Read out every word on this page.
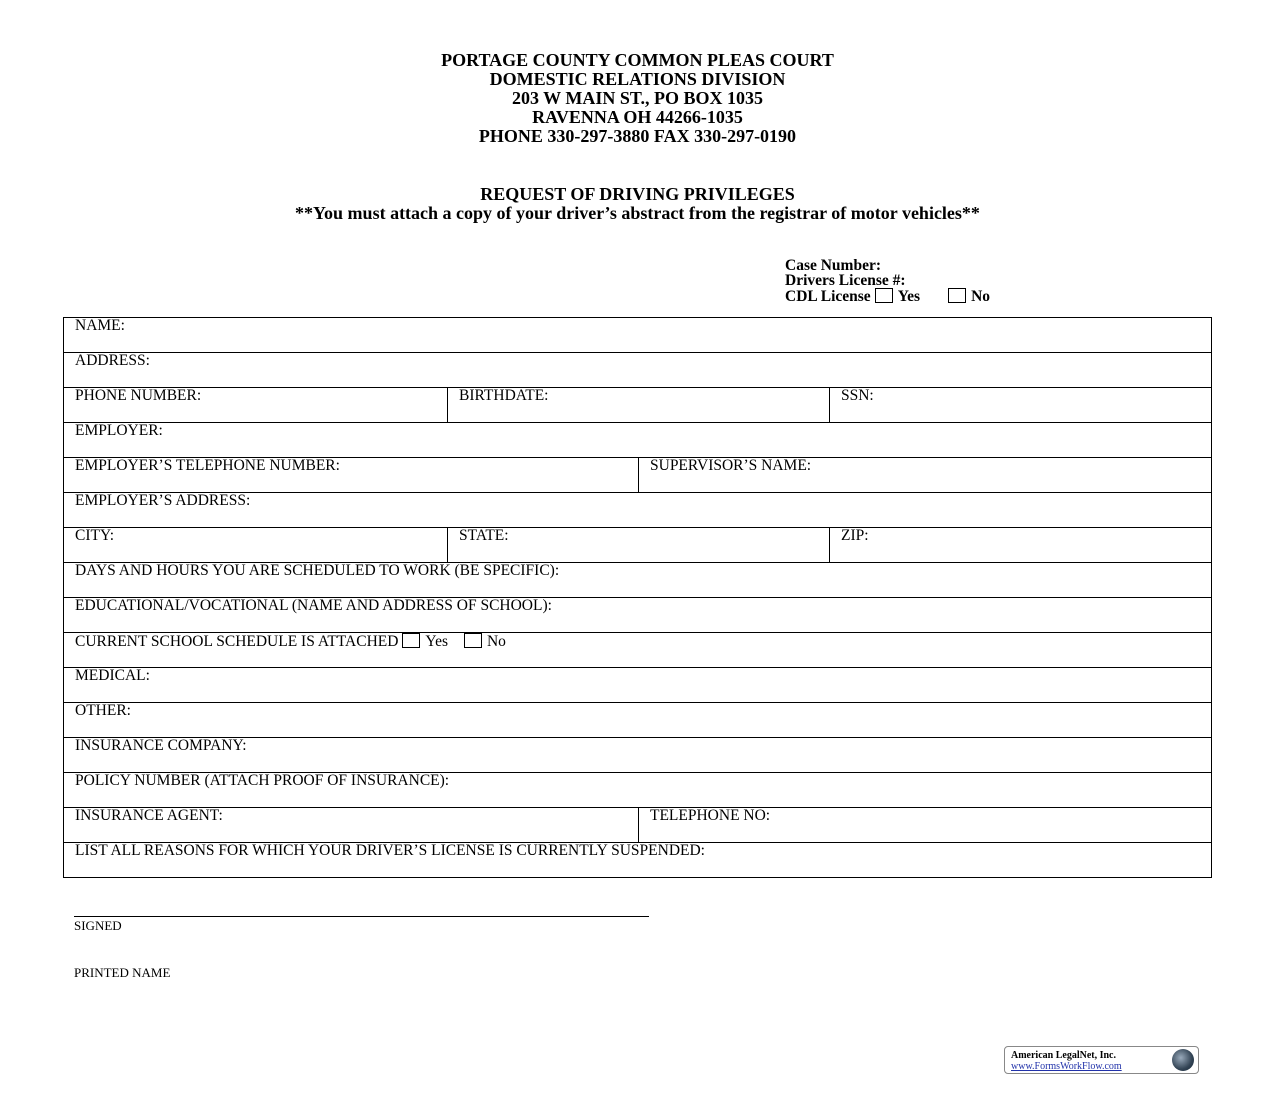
PORTAGE COUNTY COMMON PLEAS COURT
DOMESTIC RELATIONS DIVISION
203 W MAIN ST., PO BOX 1035
RAVENNA OH 44266-1035
PHONE 330-297-3880 FAX 330-297-0190
REQUEST OF DRIVING PRIVILEGES
**You must attach a copy of your driver’s abstract from the registrar of motor vehicles**
Case Number:
Drivers License #:
CDL License Yes	No
NAME:
ADDRESS:
PHONE NUMBER:	BIRTHDATE:	SSN:
EMPLOYER:
EMPLOYER’S TELEPHONE NUMBER:	SUPERVISOR’S NAME:
EMPLOYER’S ADDRESS:
CITY:	STATE:	ZIP:
DAYS AND HOURS YOU ARE SCHEDULED TO WORK (BE SPECIFIC):
EDUCATIONAL/VOCATIONAL (NAME AND ADDRESS OF SCHOOL):
CURRENT SCHOOL SCHEDULE IS ATTACHED Yes	No
MEDICAL:
OTHER:
INSURANCE COMPANY:
POLICY NUMBER (ATTACH PROOF OF INSURANCE):
INSURANCE AGENT:	TELEPHONE NO:
LIST ALL REASONS FOR WHICH YOUR DRIVER’S LICENSE IS CURRENTLY SUSPENDED:
SIGNED
PRINTED NAME
American LegalNet, Inc.
www.FormsWorkFlow.com
